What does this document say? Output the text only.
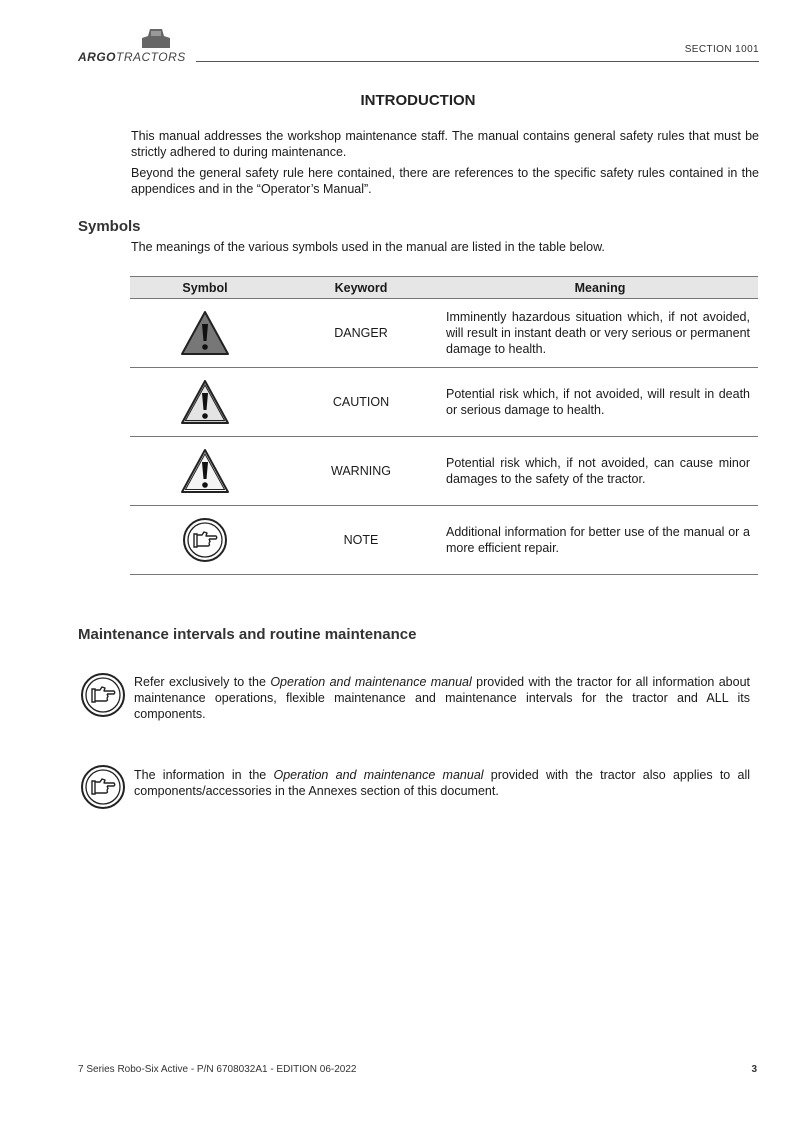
ARGOTRACTORS
SECTION 1001
INTRODUCTION
This manual addresses the workshop maintenance staff. The manual contains general safety rules that must be strictly adhered to during maintenance.
Beyond the general safety rule here contained, there are references to the specific safety rules contained in the appendices and in the “Operator’s Manual”.
Symbols
The meanings of the various symbols used in the manual are listed in the table below.
Symbol	Keyword	Meaning

	DANGER	Imminently hazardous situation which, if not avoided, will result in instant death or very serious or permanent damage to health.

	CAUTION	Potential risk which, if not avoided, will result in death or serious damage to health.

	WARNING	Potential risk which, if not avoided, can cause minor damages to the safety of the tractor.

	NOTE	Additional information for better use of the manual or a more efficient repair.
Maintenance intervals and routine maintenance
Refer exclusively to the Operation and maintenance manual provided with the tractor for all information about maintenance operations, flexible maintenance and maintenance intervals for the tractor and ALL its components.
The information in the Operation and maintenance manual provided with the tractor also applies to all components/accessories in the Annexes section of this document.
7 Series Robo-Six Active - P/N 6708032A1 - EDITION 06-2022	3
